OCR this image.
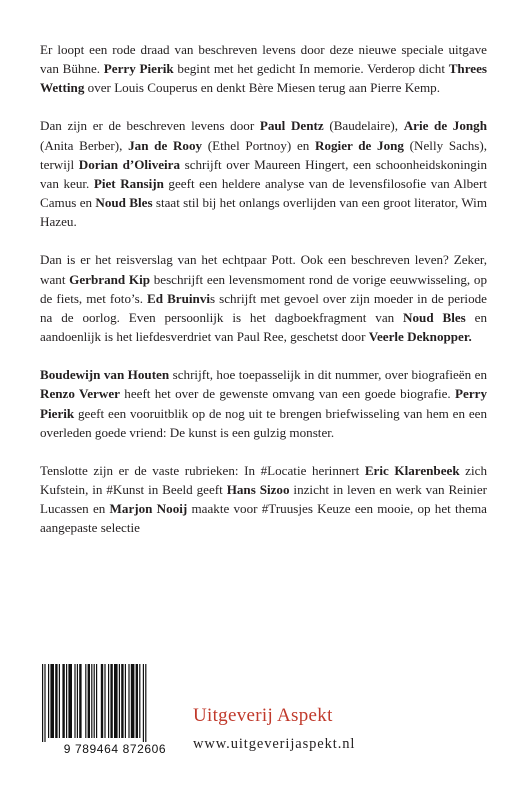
Er loopt een rode draad van beschreven levens door deze nieuwe speciale uitgave van Bühne. Perry Pierik begint met het gedicht In memorie. Verderop dicht Threes Wetting over Louis Couperus en denkt Bère Miesen terug aan Pierre Kemp.

Dan zijn er de beschreven levens door Paul Dentz (Baudelaire), Arie de Jongh (Anita Berber), Jan de Rooy (Ethel Portnoy) en Rogier de Jong (Nelly Sachs), terwijl Dorian d’Oliveira schrijft over Maureen Hingert, een schoonheidskoningin van keur. Piet Ransijn geeft een heldere analyse van de levensfilosofie van Albert Camus en Noud Bles staat stil bij het onlangs overlijden van een groot literator, Wim Hazeu.

Dan is er het reisverslag van het echtpaar Pott. Ook een beschreven leven? Zeker, want Gerbrand Kip beschrijft een levensmoment rond de vorige eeuwwisseling, op de fiets, met foto’s. Ed Bruinvis schrijft met gevoel over zijn moeder in de periode na de oorlog. Even persoonlijk is het dagboekfragment van Noud Bles en aandoenlijk is het liefdesverdriet van Paul Ree, geschetst door Veerle Deknopper.

Boudewijn van Houten schrijft, hoe toepasselijk in dit nummer, over biografieën en Renzo Verwer heeft het over de gewenste omvang van een goede biografie. Perry Pierik geeft een vooruitblik op de nog uit te brengen briefwisseling van hem en een overleden goede vriend: De kunst is een gulzig monster.

Tenslotte zijn er de vaste rubrieken: In #Locatie herinnert Eric Klarenbeek zich Kufstein, in #Kunst in Beeld geeft Hans Sizoo inzicht in leven en werk van Reinier Lucassen en Marjon Nooij maakte voor #Truusjes Keuze een mooie, op het thema aangepaste selectie

9 789464 872606
Uitgeverij Aspekt
www.uitgeverijaspekt.nl
